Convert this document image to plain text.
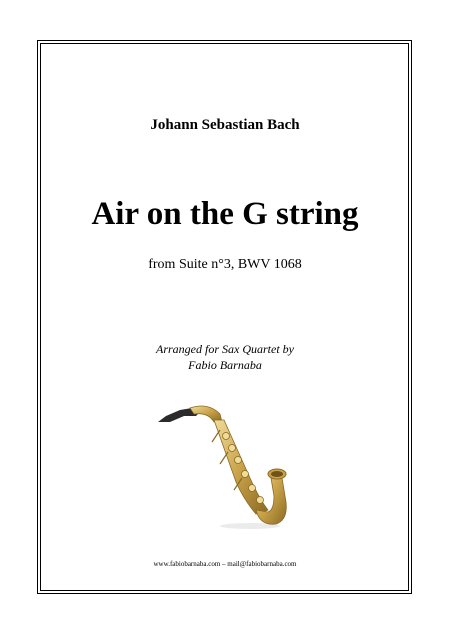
Johann Sebastian Bach
Air on the G string
from Suite n°3, BWV 1068
Arranged for Sax Quartet by
Fabio Barnaba
www.fabiobarnaba.com – mail@fabiobarnaba.com
